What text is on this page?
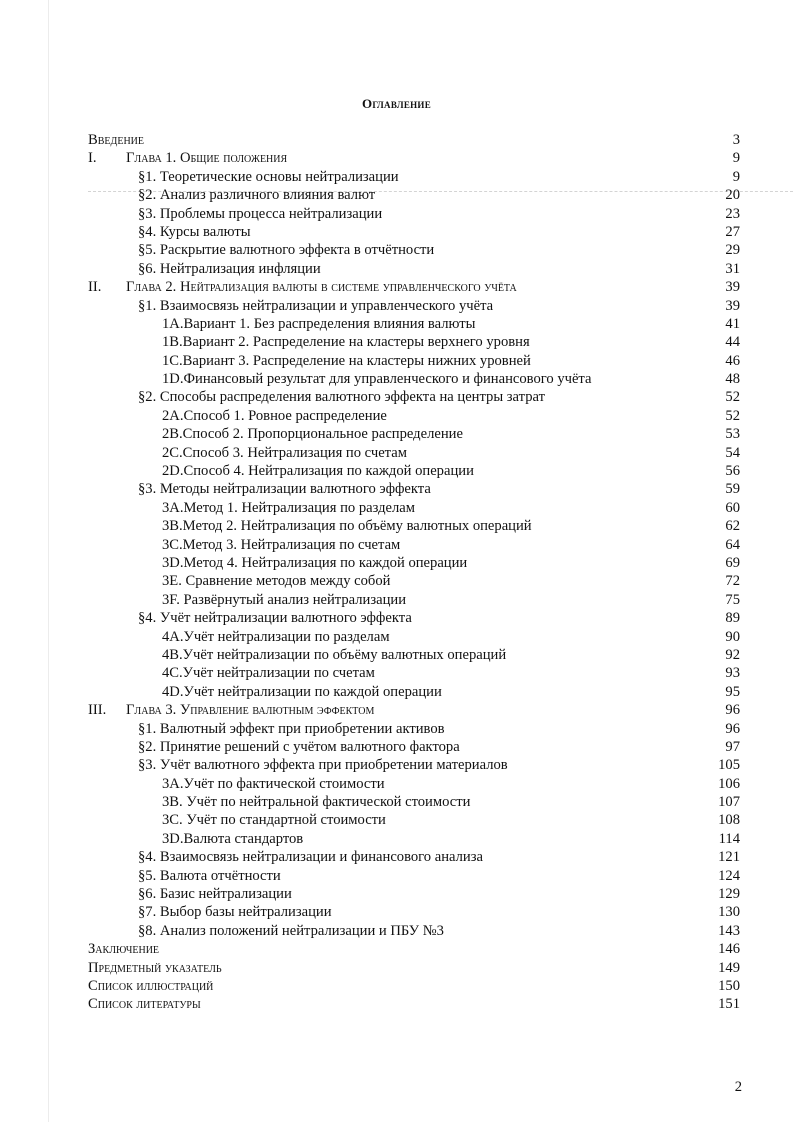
Оглавление
Введение	3
I. Глава 1. Общие положения	9
§1. Теоретические основы нейтрализации	9
§2. Анализ различного влияния валют	20
§3. Проблемы процесса нейтрализации	23
§4. Курсы валюты	27
§5. Раскрытие валютного эффекта в отчётности	29
§6. Нейтрализация инфляции	31
II. Глава 2. Нейтрализация валюты в системе управленческого учёта	39
§1. Взаимосвязь нейтрализации и управленческого учёта	39
1A.Вариант 1. Без распределения влияния валюты	41
1B.Вариант 2. Распределение на кластеры верхнего уровня	44
1C.Вариант 3. Распределение на кластеры нижних уровней	46
1D.Финансовый результат для управленческого и финансового учёта	48
§2. Способы распределения валютного эффекта на центры затрат	52
2A.Способ 1. Ровное распределение	52
2B.Способ 2. Пропорциональное распределение	53
2C.Способ 3. Нейтрализация по счетам	54
2D.Способ 4. Нейтрализация по каждой операции	56
§3. Методы нейтрализации валютного эффекта	59
3A.Метод 1. Нейтрализация по разделам	60
3B.Метод 2. Нейтрализация по объёму валютных операций	62
3C.Метод 3. Нейтрализация по счетам	64
3D.Метод 4. Нейтрализация по каждой операции	69
3E. Сравнение методов между собой	72
3F. Развёрнутый анализ нейтрализации	75
§4. Учёт нейтрализации валютного эффекта	89
4A.Учёт нейтрализации по разделам	90
4B.Учёт нейтрализации по объёму валютных операций	92
4C.Учёт нейтрализации по счетам	93
4D.Учёт нейтрализации по каждой операции	95
III. Глава 3. Управление валютным эффектом	96
§1. Валютный эффект при приобретении активов	96
§2. Принятие решений с учётом валютного фактора	97
§3. Учёт валютного эффекта при приобретении материалов	105
3A.Учёт по фактической стоимости	106
3B. Учёт по нейтральной фактической стоимости	107
3C. Учёт по стандартной стоимости	108
3D.Валюта стандартов	114
§4. Взаимосвязь нейтрализации и финансового анализа	121
§5. Валюта отчётности	124
§6. Базис нейтрализации	129
§7. Выбор базы нейтрализации	130
§8. Анализ положений нейтрализации и ПБУ №3	143
Заключение	146
Предметный указатель	149
Список иллюстраций	150
Список литературы	151
2
